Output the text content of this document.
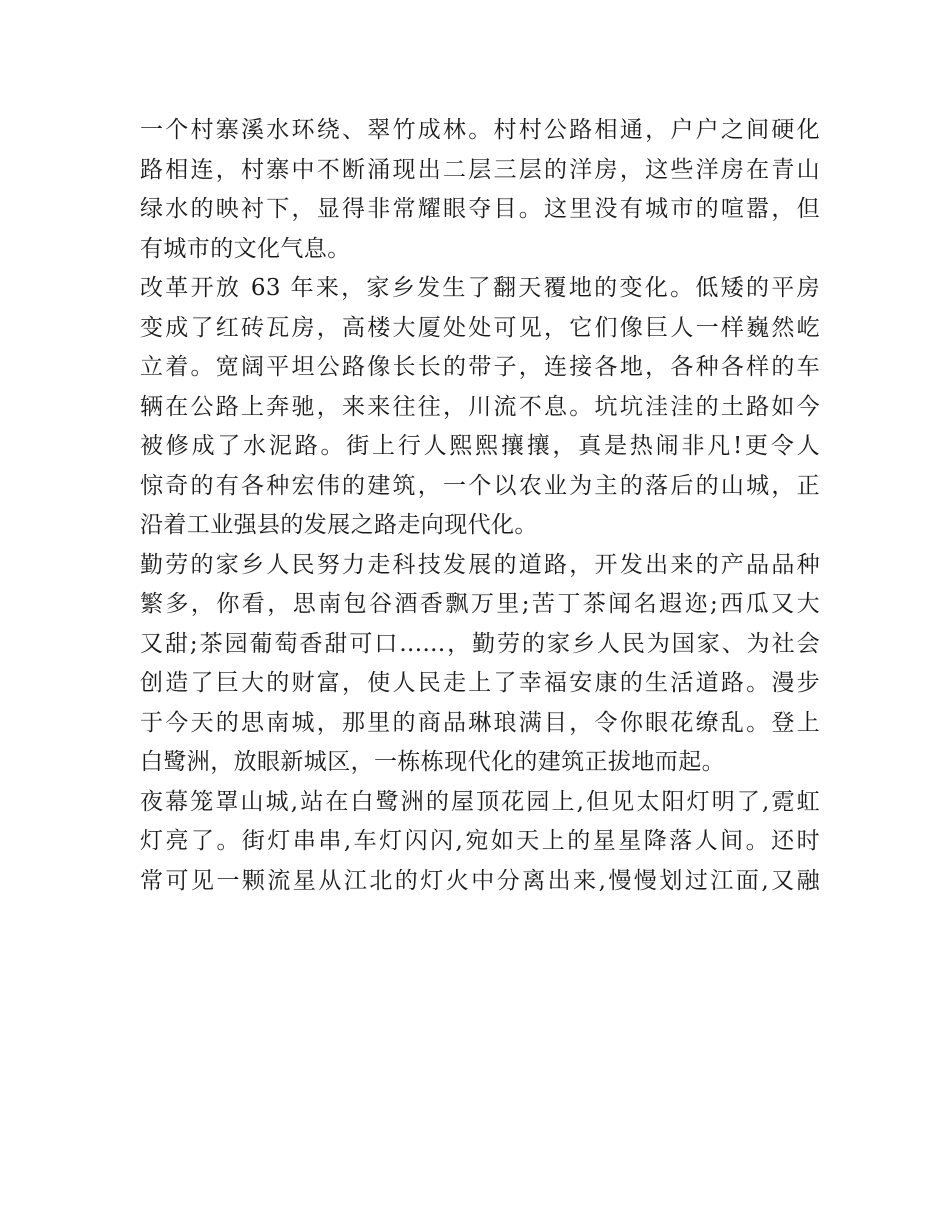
一个村寨溪水环绕、翠竹成林。村村公路相通，户户之间硬化
路相连，村寨中不断涌现出二层三层的洋房，这些洋房在青山
绿水的映衬下，显得非常耀眼夺目。这里没有城市的喧嚣，但
有城市的文化气息。
改革开放 63 年来，家乡发生了翻天覆地的变化。低矮的平房
变成了红砖瓦房，高楼大厦处处可见，它们像巨人一样巍然屹
立着。宽阔平坦公路像长长的带子，连接各地，各种各样的车
辆在公路上奔驰，来来往往，川流不息。坑坑洼洼的土路如今
被修成了水泥路。街上行人熙熙攘攘，真是热闹非凡!更令人
惊奇的有各种宏伟的建筑，一个以农业为主的落后的山城，正
沿着工业强县的发展之路走向现代化。
勤劳的家乡人民努力走科技发展的道路，开发出来的产品品种
繁多，你看，思南包谷酒香飘万里;苦丁茶闻名遐迩;西瓜又大
又甜;茶园葡萄香甜可口......，勤劳的家乡人民为国家、为社会
创造了巨大的财富，使人民走上了幸福安康的生活道路。漫步
于今天的思南城，那里的商品琳琅满目，令你眼花缭乱。登上
白鹭洲，放眼新城区，一栋栋现代化的建筑正拔地而起。
夜幕笼罩山城,站在白鹭洲的屋顶花园上,但见太阳灯明了,霓虹
灯亮了。街灯串串,车灯闪闪,宛如天上的星星降落人间。还时
常可见一颗流星从江北的灯火中分离出来,慢慢划过江面,又融
